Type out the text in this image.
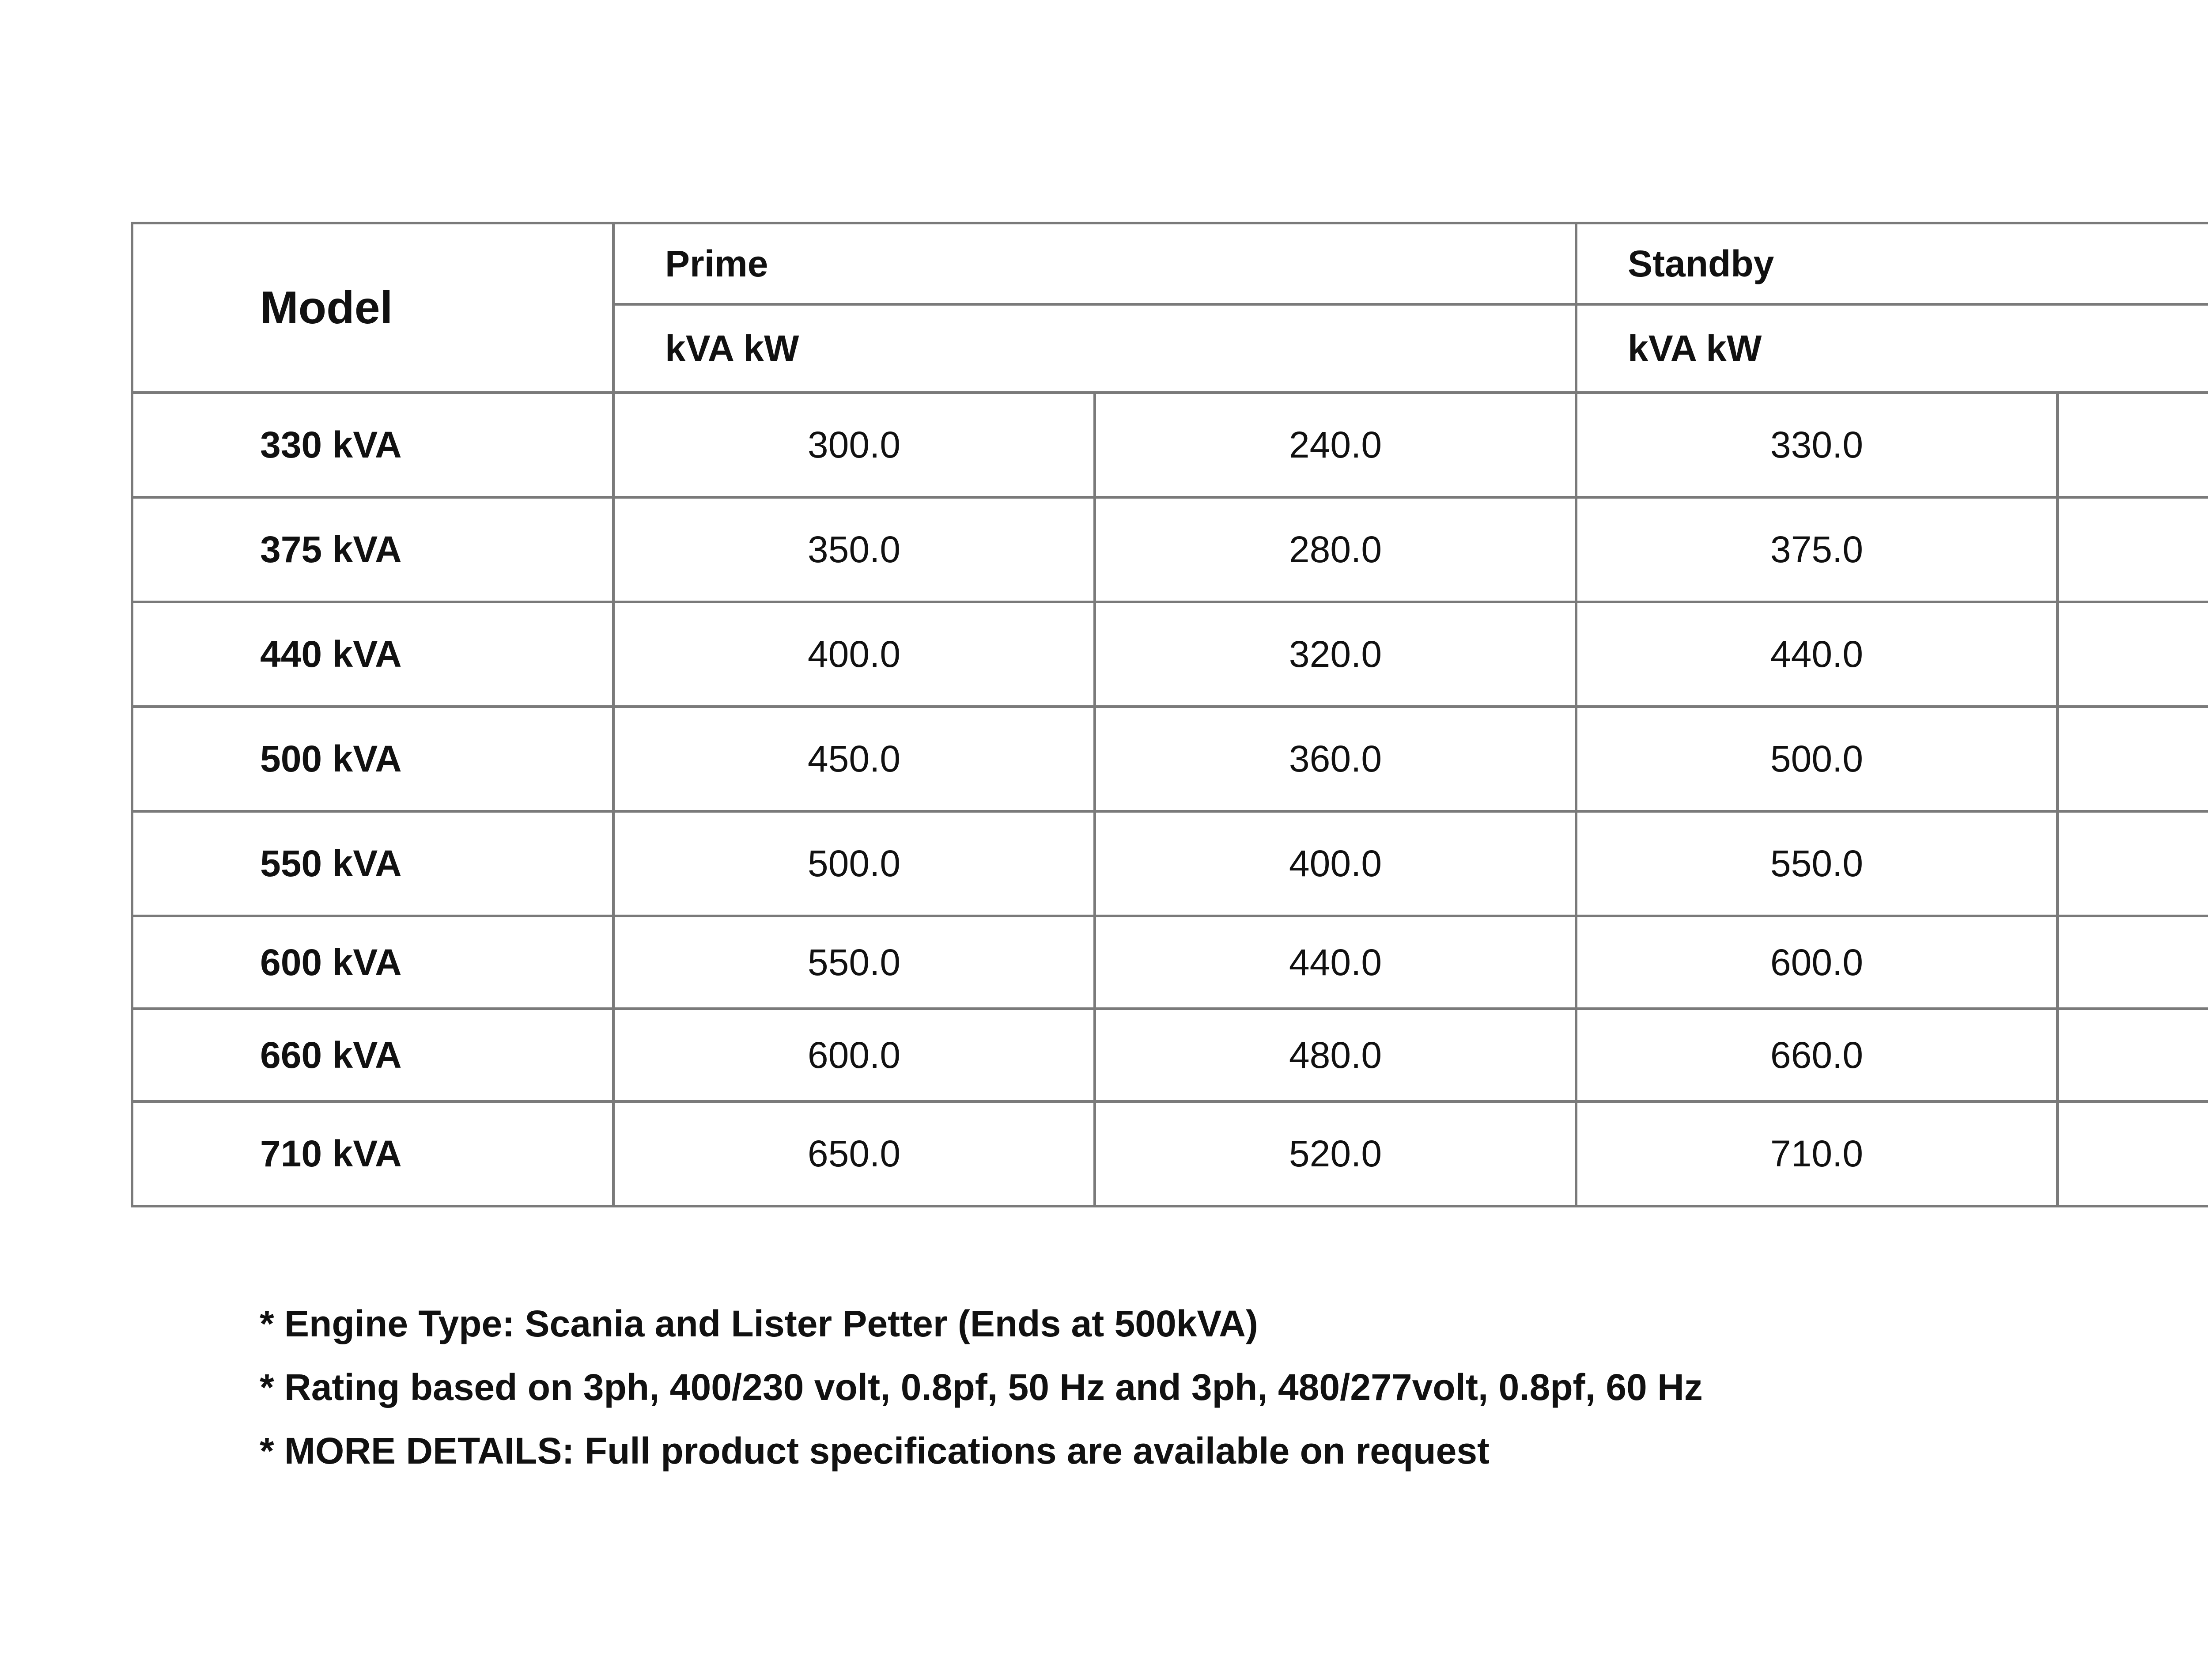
Model	Prime		Standby	
	kVA kW		kVA kW	
330 kVA	300.0	240.0	330.0	
375 kVA	350.0	280.0	375.0	
440 kVA	400.0	320.0	440.0	
500 kVA	450.0	360.0	500.0	
550 kVA	500.0	400.0	550.0	
600 kVA	550.0	440.0	600.0	
660 kVA	600.0	480.0	660.0	
710 kVA	650.0	520.0	710.0	
* Engine Type: Scania and Lister Petter (Ends at 500kVA)
* Rating based on 3ph, 400/230 volt, 0.8pf, 50 Hz and 3ph, 480/277volt, 0.8pf, 60 Hz
* MORE DETAILS: Full product specifications are available on request
